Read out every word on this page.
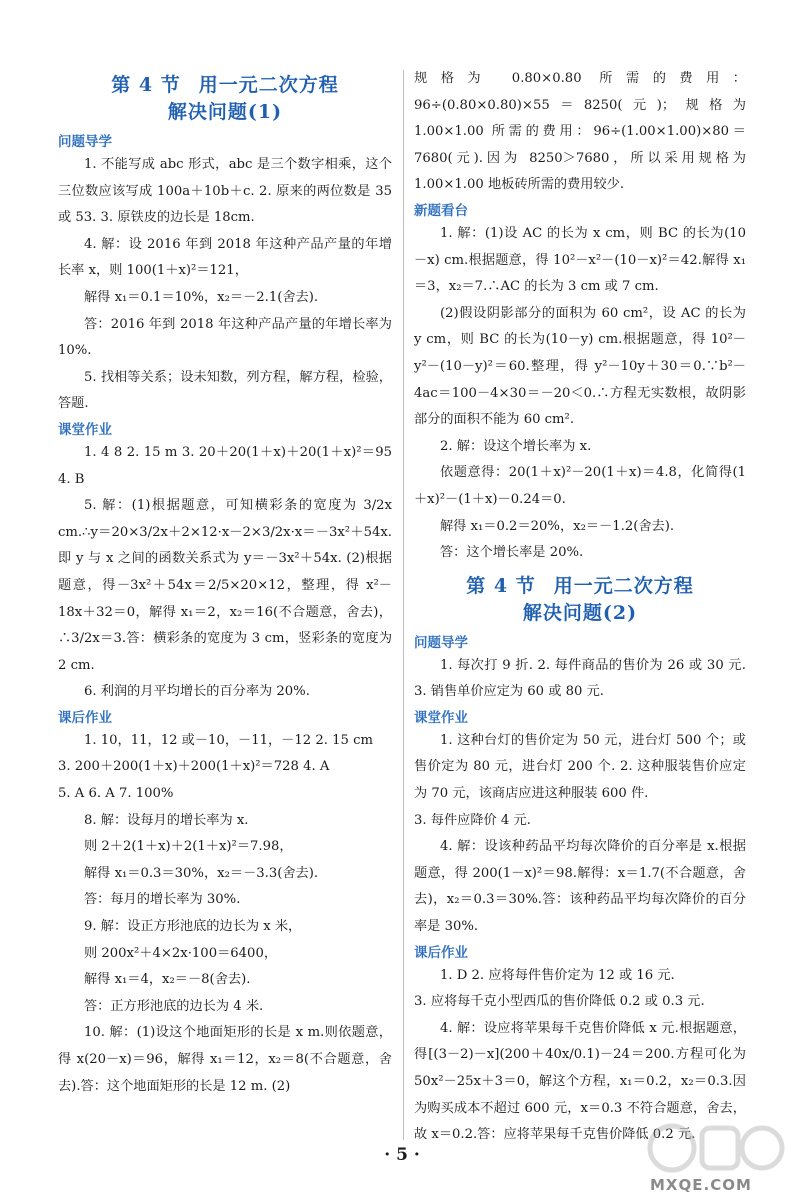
第 4 节 用一元二次方程
解决问题(1)
问题导学

1. 不能写成 abc 形式，abc 是三个数字相乘，这个三位数应该写成 100a＋10b＋c. 2. 原来的两位数是 35 或 53. 3. 原铁皮的边长是 18cm.

4. 解：设 2016 年到 2018 年这种产品产量的年增长率 x，则 100(1＋x)²＝121，

解得 x₁＝0.1＝10%，x₂＝－2.1(舍去).

答：2016 年到 2018 年这种产品产量的年增长率为 10%.

5. 找相等关系；设未知数，列方程，解方程，检验，答题.

课堂作业

1. 4 8 2. 15 m 3. 20＋20(1＋x)＋20(1＋x)²＝95 4. B

5. 解：(1)根据题意，可知横彩条的宽度为 3/2x cm.∴y＝20×3/2x＋2×12·x－2×3/2x·x＝－3x²＋54x.即 y 与 x 之间的函数关系式为 y＝－3x²＋54x. (2)根据题意，得－3x²＋54x＝2/5×20×12，整理，得 x²－18x＋32＝0，解得 x₁＝2，x₂＝16(不合题意，舍去)，∴3/2x＝3.答：横彩条的宽度为 3 cm，竖彩条的宽度为 2 cm.

6. 利润的月平均增长的百分率为 20%.

课后作业

1. 10，11，12 或－10，－11，－12 2. 15 cm

3. 200＋200(1＋x)＋200(1＋x)²＝728 4. A

5. A 6. A 7. 100%

8. 解：设每月的增长率为 x.

则 2＋2(1＋x)＋2(1＋x)²＝7.98，

解得 x₁＝0.3＝30%，x₂＝－3.3(舍去).

答：每月的增长率为 30%.

9. 解：设正方形池底的边长为 x 米，

则 200x²＋4×2x·100＝6400，

解得 x₁＝4，x₂＝－8(舍去).

答：正方形池底的边长为 4 米.

10. 解：(1)设这个地面矩形的长是 x m.则依题意，得 x(20－x)＝96，解得 x₁＝12，x₂＝8(不合题意，舍去).答：这个地面矩形的长是 12 m. (2)

规格为 0.80×0.80 所需的费用：96÷(0.80×0.80)×55＝8250(元)；规格为 1.00×1.00 所需的费用：96÷(1.00×1.00)×80＝7680(元).因为 8250＞7680，所以采用规格为 1.00×1.00 地板砖所需的费用较少.

新题看台

1. 解：(1)设 AC 的长为 x cm，则 BC 的长为(10－x) cm.根据题意，得 10²－x²－(10－x)²＝42.解得 x₁＝3，x₂＝7.∴AC 的长为 3 cm 或 7 cm.

(2)假设阴影部分的面积为 60 cm²，设 AC 的长为 y cm，则 BC 的长为(10－y) cm.根据题意，得 10²－y²－(10－y)²＝60.整理，得 y²－10y＋30＝0.∵b²－4ac＝100－4×30＝－20＜0.∴方程无实数根，故阴影部分的面积不能为 60 cm².

2. 解：设这个增长率为 x.

依题意得：20(1＋x)²－20(1＋x)＝4.8，化简得(1＋x)²－(1＋x)－0.24＝0.

解得 x₁＝0.2＝20%，x₂＝－1.2(舍去).

答：这个增长率是 20%.

第 4 节 用一元二次方程
解决问题(2)
问题导学

1. 每次打 9 折. 2. 每件商品的售价为 26 或 30 元. 3. 销售单价应定为 60 或 80 元.

课堂作业

1. 这种台灯的售价定为 50 元，进台灯 500 个；或售价定为 80 元，进台灯 200 个. 2. 这种服装售价应定为 70 元，该商店应进这种服装 600 件.

3. 每件应降价 4 元.

4. 解：设该种药品平均每次降价的百分率是 x.根据题意，得 200(1－x)²＝98.解得：x＝1.7(不合题意，舍去)，x₂＝0.3＝30%.答：该种药品平均每次降价的百分率是 30%.

课后作业

1. D 2. 应将每件售价定为 12 或 16 元.

3. 应将每千克小型西瓜的售价降低 0.2 或 0.3 元.

4. 解：设应将苹果每千克售价降低 x 元.根据题意，得[(3－2)－x](200＋40x/0.1)－24＝200.方程可化为 50x²－25x＋3＝0，解这个方程，x₁＝0.2，x₂＝0.3.因为购买成本不超过 600 元，x＝0.3 不符合题意，舍去，故 x＝0.2.答：应将苹果每千克售价降低 0.2 元.

· 5 ·
MXQE.COM
